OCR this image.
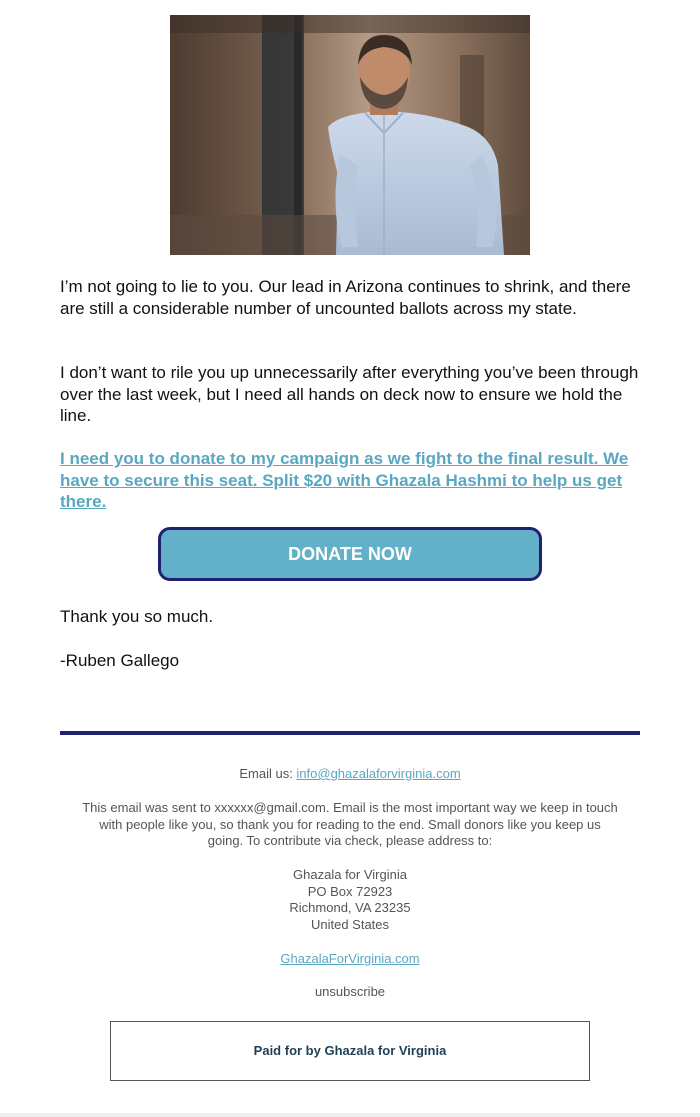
I’m not going to lie to you. Our lead in Arizona continues to shrink, and there are still a considerable number of uncounted ballots across my state.

I don’t want to rile you up unnecessarily after everything you’ve been through over the last week, but I need all hands on deck now to ensure we hold the line.

I need you to donate to my campaign as we fight to the final result. We have to secure this seat. Split $20 with Ghazala Hashmi to help us get there.

DONATE NOW

Thank you so much.

-Ruben Gallego

Email us: info@ghazalaforvirginia.com
This email was sent to xxxxxx@gmail.com. Email is the most important way we keep in touch with people like you, so thank you for reading to the end. Small donors like you keep us going. To contribute via check, please address to:
Ghazala for Virginia
PO Box 72923
Richmond, VA 23235
United States
GhazalaForVirginia.com
unsubscribe
Paid for by Ghazala for Virginia
